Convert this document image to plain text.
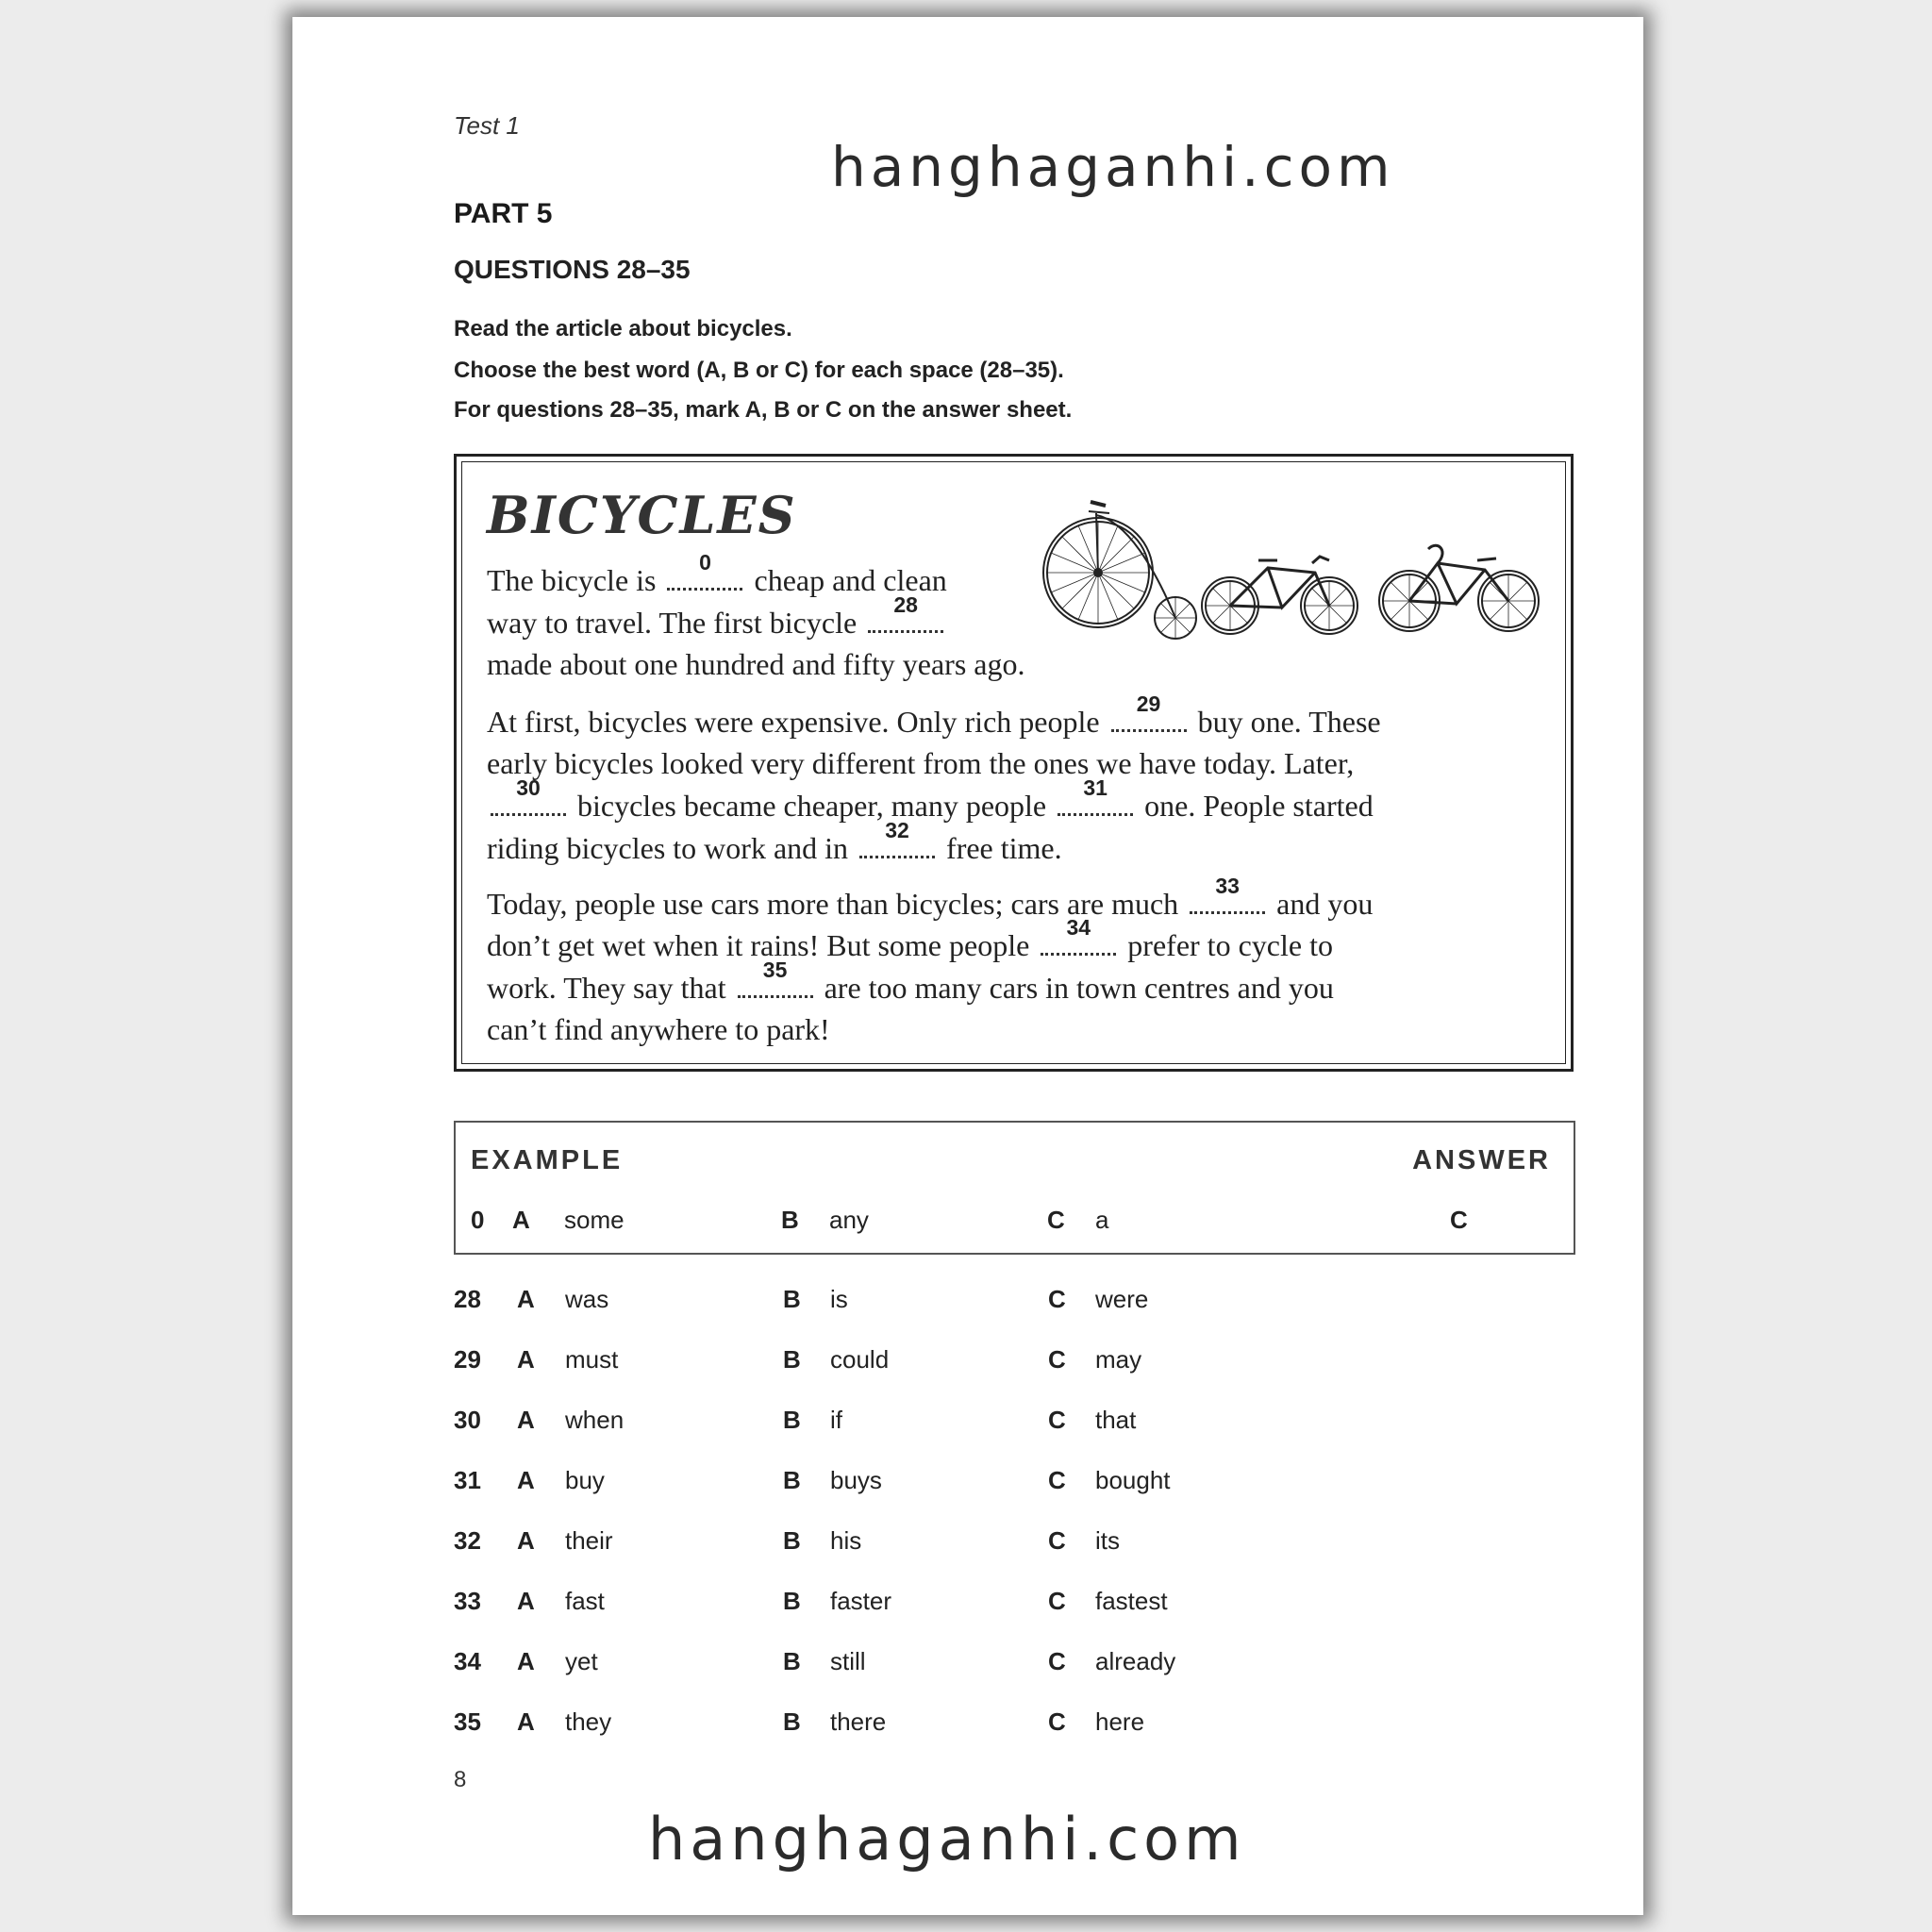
Test 1
hanghaganhi.com
PART 5
QUESTIONS 28–35
Read the article about bicycles.
Choose the best word (A, B or C) for each space (28–35).
For questions 28–35, mark A, B or C on the answer sheet.
BICYCLES
The bicycle is
0
cheap and clean
way to travel. The first bicycle
28
made about one hundred and fifty years ago.
At first, bicycles were expensive. Only rich people
29
buy one. These
early bicycles looked very different from the ones we have today. Later,
30
bicycles became cheaper, many people
31
one. People started
riding bicycles to work and in
32
free time.
Today, people use cars more than bicycles; cars are much
33
and you
don’t get wet when it rains! But some people
34
prefer to cycle to
work. They say that
35
are too many cars in town centres and you
can’t find anywhere to park!
EXAMPLE	ANSWER
0 A some	B any	C a	C
28 A was	B is	C were
29 A must	B could	C may
30 A when	B if	C that
31 A buy	B buys	C bought
32 A their	B his	C its
33 A fast	B faster	C fastest
34 A yet	B still	C already
35 A they	B there	C here
8
hanghaganhi.com
